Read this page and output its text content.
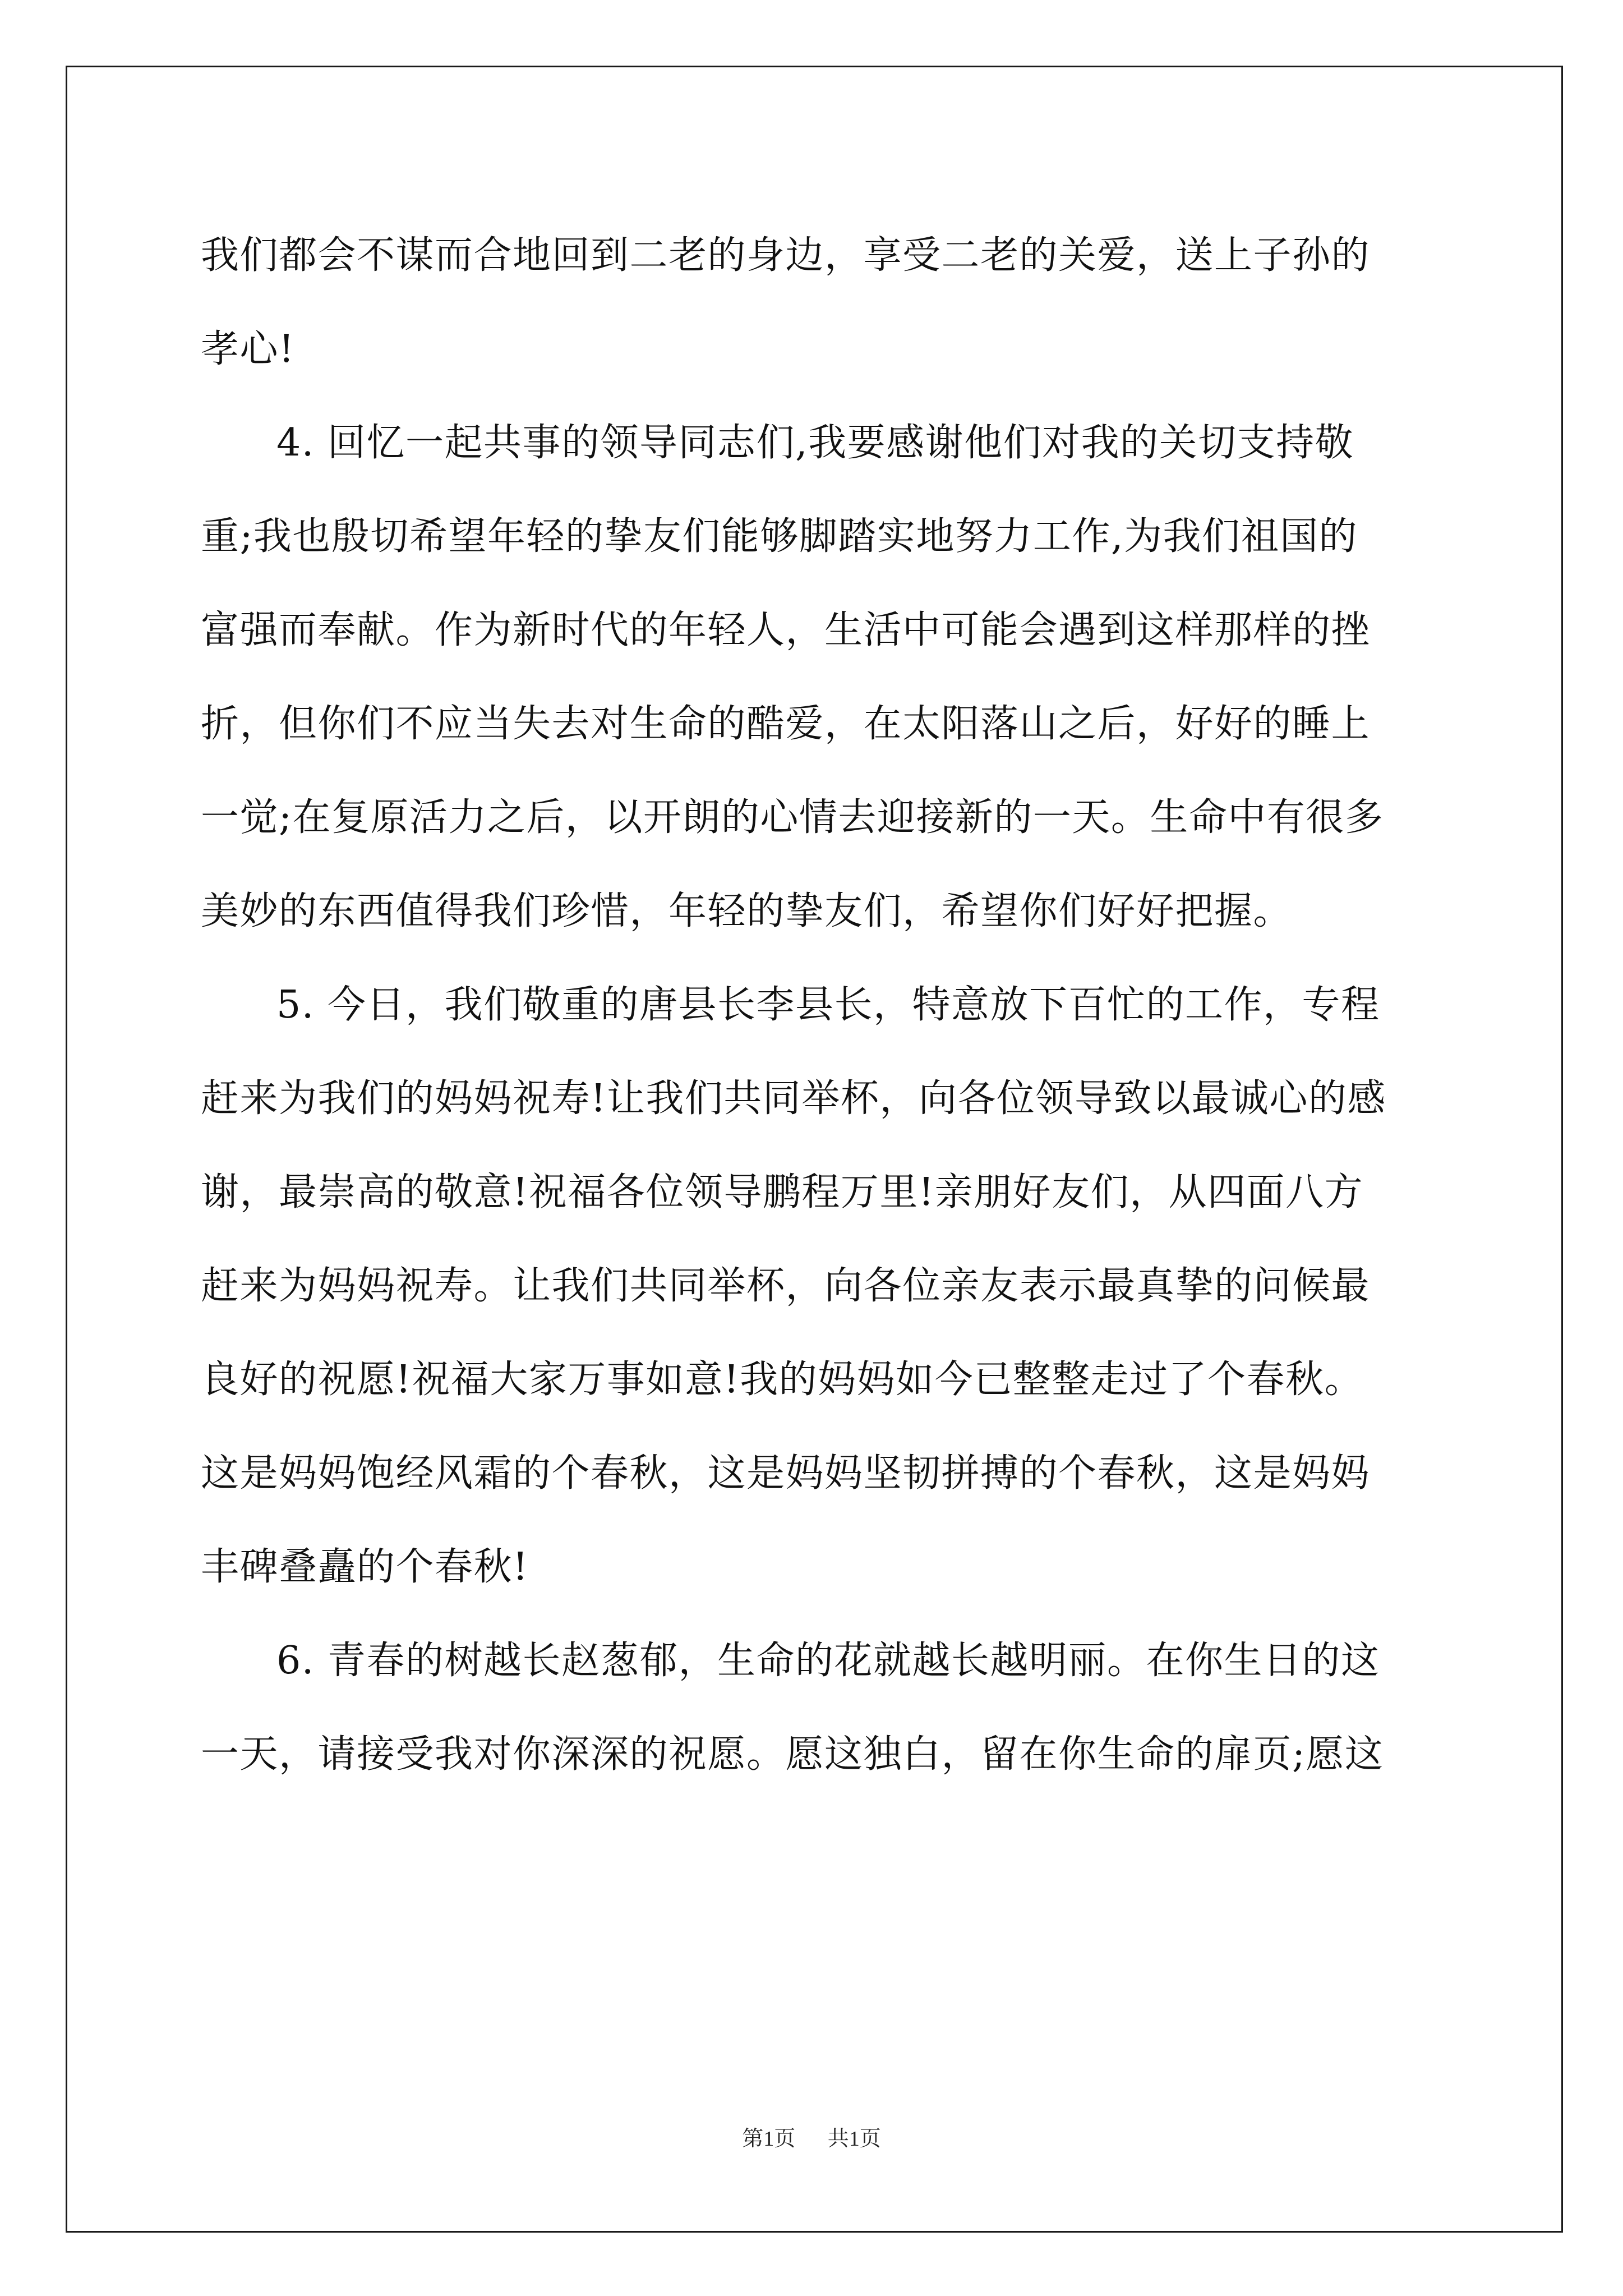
我们都会不谋而合地回到二老的身边，享受二老的关爱，送上子孙的
孝心!
4. 回忆一起共事的领导同志们,我要感谢他们对我的关切支持敬
重;我也殷切希望年轻的挚友们能够脚踏实地努力工作,为我们祖国的
富强而奉献。作为新时代的年轻人，生活中可能会遇到这样那样的挫
折，但你们不应当失去对生命的酷爱，在太阳落山之后，好好的睡上
一觉;在复原活力之后，以开朗的心情去迎接新的一天。生命中有很多
美妙的东西值得我们珍惜，年轻的挚友们，希望你们好好把握。
5. 今日，我们敬重的唐县长李县长，特意放下百忙的工作，专程
赶来为我们的妈妈祝寿!让我们共同举杯，向各位领导致以最诚心的感
谢，最崇高的敬意!祝福各位领导鹏程万里!亲朋好友们，从四面八方
赶来为妈妈祝寿。让我们共同举杯，向各位亲友表示最真挚的问候最
良好的祝愿!祝福大家万事如意!我的妈妈如今已整整走过了个春秋。
这是妈妈饱经风霜的个春秋，这是妈妈坚韧拼搏的个春秋，这是妈妈
丰碑叠矗的个春秋!
6. 青春的树越长赵葱郁，生命的花就越长越明丽。在你生日的这
一天，请接受我对你深深的祝愿。愿这独白，留在你生命的扉页;愿这
第1页 共1页
